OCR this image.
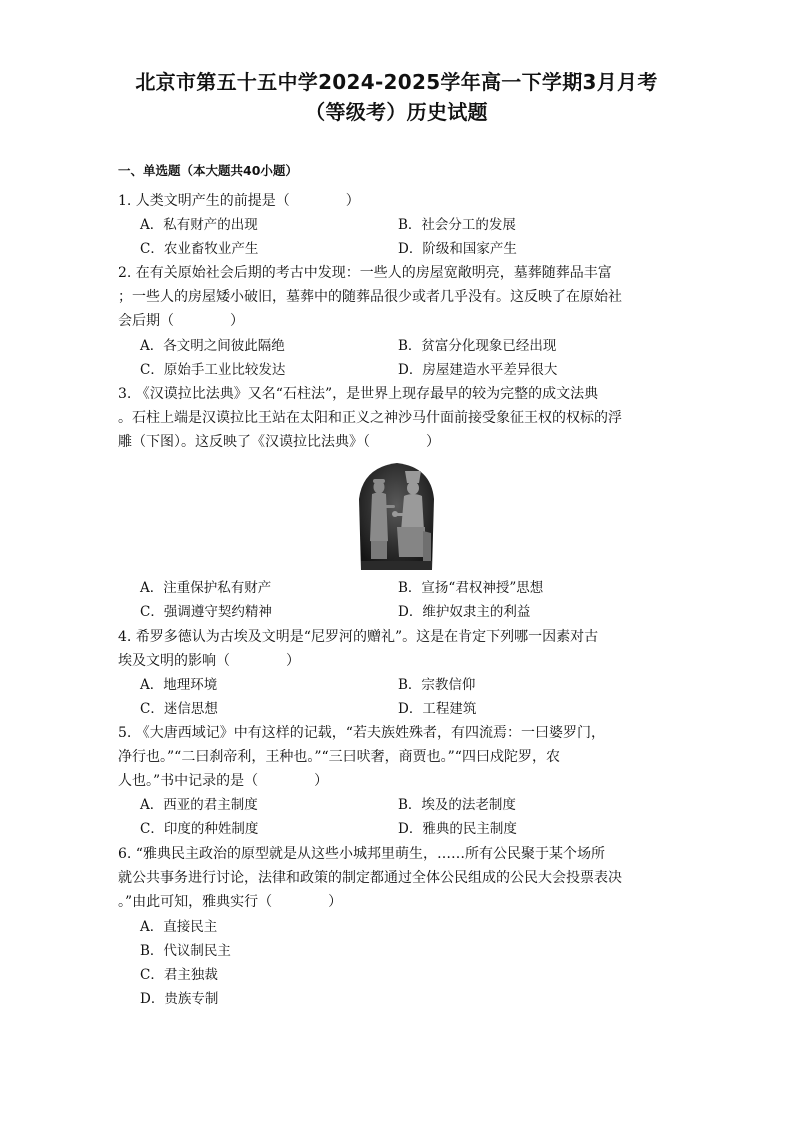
北京市第五十五中学2024-2025学年高一下学期3月月考
（等级考）历史试题
一、单选题（本大题共40小题）
1. 人类文明产生的前提是（　　　　）
A．私有财产的出现	B．社会分工的发展
C．农业畜牧业产生	D．阶级和国家产生
2. 在有关原始社会后期的考古中发现：一些人的房屋宽敞明亮，墓葬随葬品丰富
；一些人的房屋矮小破旧，墓葬中的随葬品很少或者几乎没有。这反映了在原始社
会后期（　　　　）
A．各文明之间彼此隔绝	B．贫富分化现象已经出现
C．原始手工业比较发达	D．房屋建造水平差异很大
3. 《汉谟拉比法典》又名“石柱法”，是世界上现存最早的较为完整的成文法典
。石柱上端是汉谟拉比王站在太阳和正义之神沙马什面前接受象征王权的权标的浮
雕（下图）。这反映了《汉谟拉比法典》（　　　　）
A．注重保护私有财产	B．宣扬“君权神授”思想
C．强调遵守契约精神	D．维护奴隶主的利益
4. 希罗多德认为古埃及文明是“尼罗河的赠礼”。这是在肯定下列哪一因素对古
埃及文明的影响（　　　　）
A．地理环境	B．宗教信仰
C．迷信思想	D．工程建筑
5. 《大唐西域记》中有这样的记载，“若夫族姓殊者，有四流焉：一曰婆罗门，
净行也。”“二曰刹帝利，王种也。”“三曰吠奢，商贾也。”“四曰戍陀罗，农
人也。”书中记录的是（　　　　）
A．西亚的君主制度	B．埃及的法老制度
C．印度的种姓制度	D．雅典的民主制度
6. “雅典民主政治的原型就是从这些小城邦里萌生，……所有公民聚于某个场所
就公共事务进行讨论，法律和政策的制定都通过全体公民组成的公民大会投票表决
。”由此可知，雅典实行（　　　　）
A．直接民主
B．代议制民主
C．君主独裁
D．贵族专制
